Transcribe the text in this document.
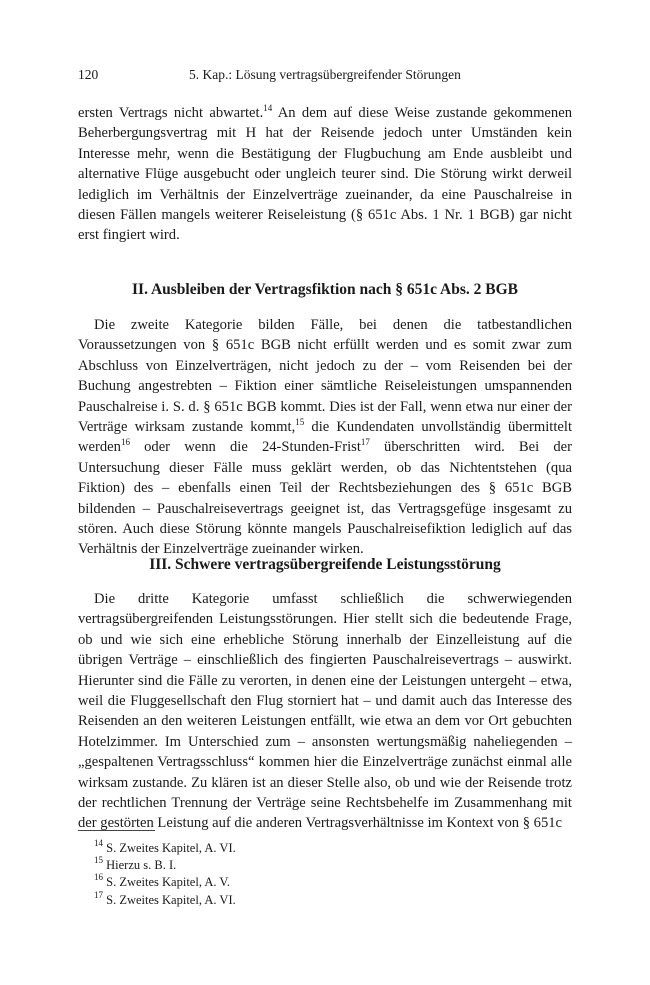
120	5. Kap.: Lösung vertragsübergreifender Störungen

ersten Vertrags nicht abwartet.$^{14}$ An dem auf diese Weise zustande gekommenen Beherbergungsvertrag mit H hat der Reisende jedoch unter Umständen kein Interesse mehr, wenn die Bestätigung der Flugbuchung am Ende ausbleibt und alternative Flüge ausgebucht oder ungleich teurer sind. Die Störung wirkt derweil lediglich im Verhältnis der Einzelverträge zueinander, da eine Pauschalreise in diesen Fällen mangels weiterer Reiseleistung (§ 651c Abs. 1 Nr. 1 BGB) gar nicht erst fingiert wird.

II. Ausbleiben der Vertragsfiktion nach § 651c Abs. 2 BGB

Die zweite Kategorie bilden Fälle, bei denen die tatbestandlichen Voraussetzungen von § 651c BGB nicht erfüllt werden und es somit zwar zum Abschluss von Einzelverträgen, nicht jedoch zu der – vom Reisenden bei der Buchung angestrebten – Fiktion einer sämtliche Reiseleistungen umspannenden Pauschalreise i. S. d. § 651c BGB kommt. Dies ist der Fall, wenn etwa nur einer der Verträge wirksam zustande kommt,$^{15}$ die Kundendaten unvollständig übermittelt werden$^{16}$ oder wenn die 24-Stunden-Frist$^{17}$ überschritten wird. Bei der Untersuchung dieser Fälle muss geklärt werden, ob das Nichtentstehen (qua Fiktion) des – ebenfalls einen Teil der Rechtsbeziehungen des § 651c BGB bildenden – Pauschalreisevertrags geeignet ist, das Vertragsgefüge insgesamt zu stören. Auch diese Störung könnte mangels Pauschalreisefiktion lediglich auf das Verhältnis der Einzelverträge zueinander wirken.

III. Schwere vertragsübergreifende Leistungsstörung

Die dritte Kategorie umfasst schließlich die schwerwiegenden vertragsübergreifenden Leistungsstörungen. Hier stellt sich die bedeutende Frage, ob und wie sich eine erhebliche Störung innerhalb der Einzelleistung auf die übrigen Verträge – einschließlich des fingierten Pauschalreisevertrags – auswirkt. Hierunter sind die Fälle zu verorten, in denen eine der Leistungen untergeht – etwa, weil die Fluggesellschaft den Flug storniert hat – und damit auch das Interesse des Reisenden an den weiteren Leistungen entfällt, wie etwa an dem vor Ort gebuchten Hotelzimmer. Im Unterschied zum – ansonsten wertungsmäßig naheliegenden – „gespaltenen Vertragsschluss“ kommen hier die Einzelverträge zunächst einmal alle wirksam zustande. Zu klären ist an dieser Stelle also, ob und wie der Reisende trotz der rechtlichen Trennung der Verträge seine Rechtsbehelfe im Zusammenhang mit der gestörten Leistung auf die anderen Vertragsverhältnisse im Kontext von § 651c

$^{14}$ S. Zweites Kapitel, A. VI.

$^{15}$ Hierzu s. B. I.

$^{16}$ S. Zweites Kapitel, A. V.

$^{17}$ S. Zweites Kapitel, A. VI.
